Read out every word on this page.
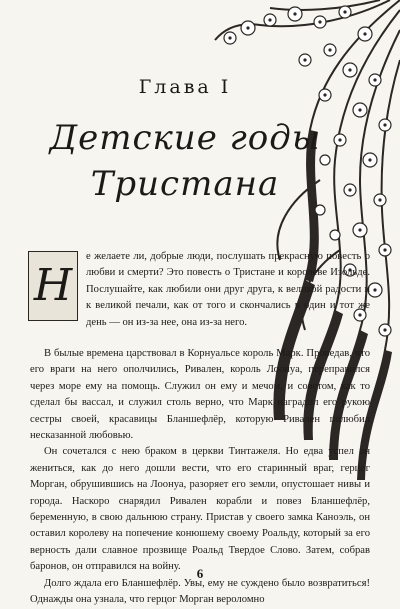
Глава I
Детские годы
Тристана

Н
е желаете ли, добрые люди, послушать прекрасную повесть о любви и смерти? Это повесть о Тристане и королеве Изольде. Послушайте, как любили они друг друга, к великой радости и к великой печали, как от того и скончались в один и тот же день — он из-за нее, она из-за него.

В былые времена царствовал в Корнуальсе король Марк. Проведав, что его враги на него ополчились, Ривален, король Лоонуа, переправился через море ему на помощь. Служил он ему и мечом, и советом, как то сделал бы вассал, и служил столь верно, что Марк наградил его рукою сестры своей, красавицы Бланшефлёр, которую Ривален полюбил несказанной любовью.

Он сочетался с нею браком в церкви Тинтажеля. Но едва успел он жениться, как до него дошли вести, что его старинный враг, герцог Морган, обрушившись на Лоонуа, разоряет его земли, опустошает нивы и города. Наскоро снарядил Ривален корабли и повез Бланшефлёр, беременную, в свою дальнюю страну. Пристав у своего замка Каноэль, он оставил королеву на попечение конюшему своему Роальду, который за его верность дали славное прозвище Роальд Твердое Слово. Затем, собрав баронов, он отправился на войну.

Долго ждала его Бланшефлёр. Увы, ему не суждено было возвратиться! Однажды она узнала, что герцог Морган вероломно

6
